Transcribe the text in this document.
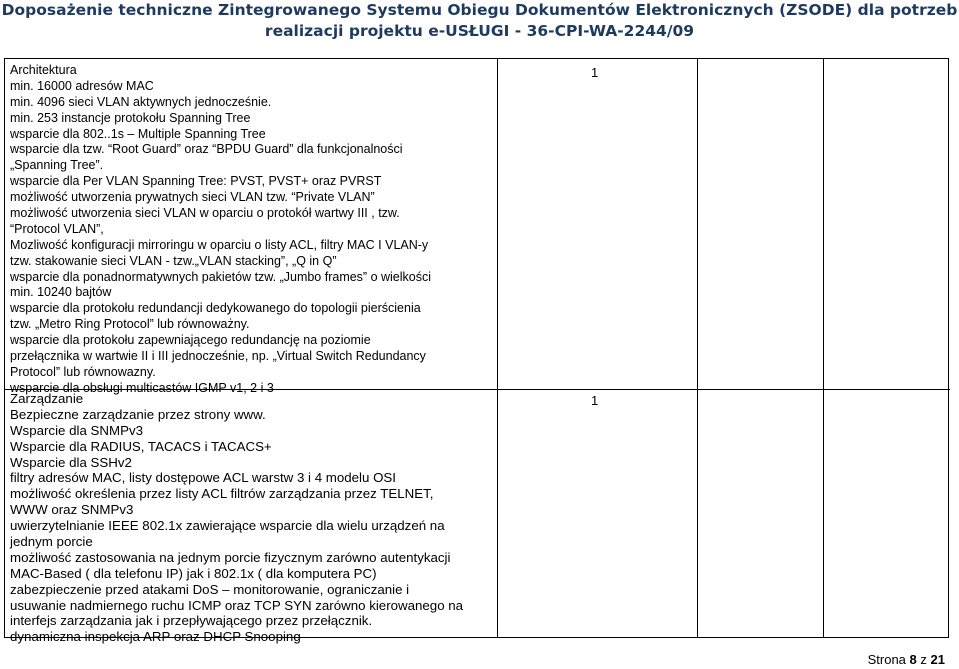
Doposażenie techniczne Zintegrowanego Systemu Obiegu Dokumentów Elektronicznych (ZSODE) dla potrzeb
realizacji projektu e-USŁUGI - 36-CPI-WA-2244/09
Architektura
min. 16000 adresów MAC
min. 4096 sieci VLAN aktywnych jednocześnie.
min. 253 instancje protokołu Spanning Tree
wsparcie dla 802..1s – Multiple Spanning Tree
wsparcie dla tzw. “Root Guard” oraz “BPDU Guard” dla funkcjonalności
„Spanning Tree”.
wsparcie dla Per VLAN Spanning Tree: PVST, PVST+ oraz PVRST
możliwość utworzenia prywatnych sieci VLAN tzw. “Private VLAN”
możliwość utworzenia sieci VLAN w oparciu o protokół wartwy III , tzw.
“Protocol VLAN”,
Mozliwość konfiguracji mirroringu w oparciu o listy ACL, filtry MAC I VLAN-y
tzw. stakowanie sieci VLAN - tzw.„VLAN stacking”, „Q in Q”
wsparcie dla ponadnormatywnych pakietów tzw. „Jumbo frames” o wielkości
min. 10240 bajtów
wsparcie dla protokołu redundancji dedykowanego do topologii pierścienia
tzw. „Metro Ring Protocol” lub równoważny.
wsparcie dla protokołu zapewniającego redundancję na poziomie
przełącznika w wartwie II i III jednocześnie, np. „Virtual Switch Redundancy
Protocol” lub równowazny.
wsparcie dla obsługi multicastów IGMP v1, 2 i 3
1
Zarządzanie
Bezpieczne zarządzanie przez strony www.
Wsparcie dla SNMPv3
Wsparcie dla RADIUS, TACACS i TACACS+
Wsparcie dla SSHv2
filtry adresów MAC, listy dostępowe ACL warstw 3 i 4 modelu OSI
możliwość określenia przez listy ACL filtrów zarządzania przez TELNET,
WWW oraz SNMPv3
uwierzytelnianie IEEE 802.1x zawierające wsparcie dla wielu urządzeń na
jednym porcie
możliwość zastosowania na jednym porcie fizycznym zarówno autentykacji
MAC-Based ( dla telefonu IP) jak i 802.1x ( dla komputera PC)
zabezpieczenie przed atakami DoS – monitorowanie, ograniczanie i
usuwanie nadmiernego ruchu ICMP oraz TCP SYN zarówno kierowanego na
interfejs zarządzania jak i przepływającego przez przełącznik.
dynamiczna inspekcja ARP oraz DHCP Snooping
1
Strona 8 z 21
